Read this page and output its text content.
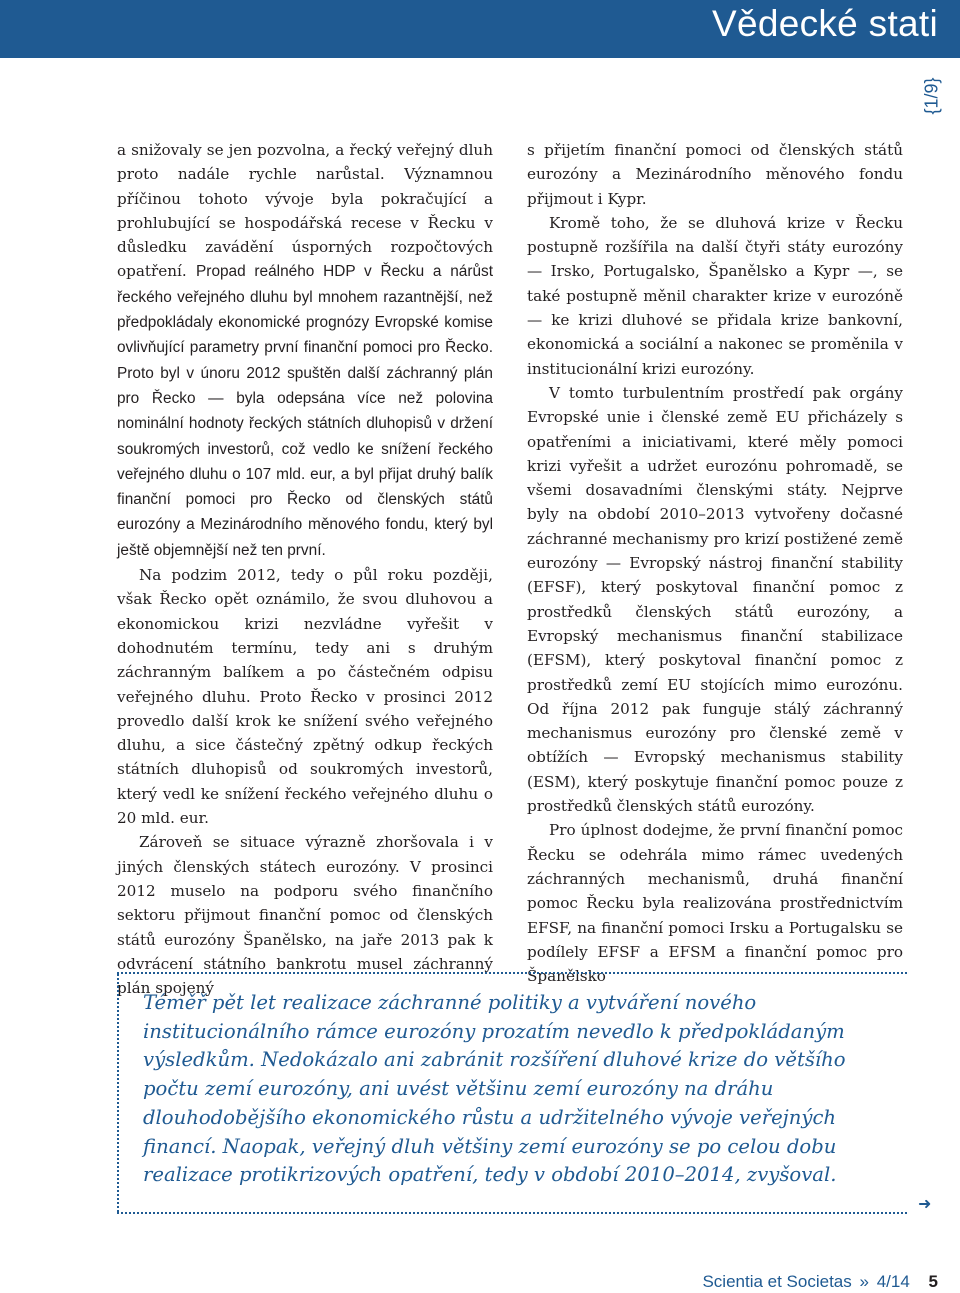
Vědecké stati
{1/9}

a snižovaly se jen pozvolna, a řecký veřejný dluh proto nadále rychle narůstal. Významnou příčinou tohoto vývoje byla pokračující a prohlubující se hospodářská recese v Řecku v důsledku zavádění úsporných rozpočtových opatření. Propad reálného HDP v Řecku a nárůst řeckého veřejného dluhu byl mnohem razantnější, než předpokládaly ekonomické prognózy Evropské komise ovlivňující parametry první finanční pomoci pro Řecko. Proto byl v únoru 2012 spuštěn další záchranný plán pro Řecko — byla odepsána více než polovina nominální hodnoty řeckých státních dluhopisů v držení soukromých investorů, což vedlo ke snížení řeckého veřejného dluhu o 107 mld. eur, a byl přijat druhý balík finanční pomoci pro Řecko od členských států eurozóny a Mezinárodního měnového fondu, který byl ještě objemnější než ten první.

Na podzim 2012, tedy o půl roku později, však Řecko opět oznámilo, že svou dluhovou a ekonomickou krizi nezvládne vyřešit v dohodnutém termínu, tedy ani s druhým záchranným balíkem a po částečném odpisu veřejného dluhu. Proto Řecko v prosinci 2012 provedlo další krok ke snížení svého veřejného dluhu, a sice částečný zpětný odkup řeckých státních dluhopisů od soukromých investorů, který vedl ke snížení řeckého veřejného dluhu o 20 mld. eur.

Zároveň se situace výrazně zhoršovala i v jiných členských státech eurozóny. V prosinci 2012 muselo na podporu svého finančního sektoru přijmout finanční pomoc od členských států eurozóny Španělsko, na jaře 2013 pak k odvrácení státního bankrotu musel záchranný plán spojený

s přijetím finanční pomoci od členských států eurozóny a Mezinárodního měnového fondu přijmout i Kypr.

Kromě toho, že se dluhová krize v Řecku postupně rozšířila na další čtyři státy eurozóny — Irsko, Portugalsko, Španělsko a Kypr —, se také postupně měnil charakter krize v eurozóně — ke krizi dluhové se přidala krize bankovní, ekonomická a sociální a nakonec se proměnila v institucionální krizi eurozóny.

V tomto turbulentním prostředí pak orgány Evropské unie i členské země EU přicházely s opatřeními a iniciativami, které měly pomoci krizi vyřešit a udržet eurozónu pohromadě, se všemi dosavadními členskými státy. Nejprve byly na období 2010–2013 vytvořeny dočasné záchranné mechanismy pro krizí postižené země eurozóny — Evropský nástroj finanční stability (EFSF), který poskytoval finanční pomoc z prostředků členských států eurozóny, a Evropský mechanismus finanční stabilizace (EFSM), který poskytoval finanční pomoc z prostředků zemí EU stojících mimo eurozónu. Od října 2012 pak funguje stálý záchranný mechanismus eurozóny pro členské země v obtížích — Evropský mechanismus stability (ESM), který poskytuje finanční pomoc pouze z prostředků členských států eurozóny.

Pro úplnost dodejme, že první finanční pomoc Řecku se odehrála mimo rámec uvedených záchranných mechanismů, druhá finanční pomoc Řecku byla realizována prostřednictvím EFSF, na finanční pomoci Irsku a Portugalsku se podílely EFSF a EFSM a finanční pomoc pro Španělsko

Téměř pět let realizace záchranné politiky a vytváření nového institucionálního rámce eurozóny prozatím nevedlo k předpokládaným výsledkům. Nedokázalo ani zabránit rozšíření dluhové krize do většího počtu zemí eurozóny, ani uvést většinu zemí eurozóny na dráhu dlouhodobějšího ekonomického růstu a udržitelného vývoje veřejných financí. Naopak, veřejný dluh většiny zemí eurozóny se po celou dobu realizace protikrizových opatření, tedy v období 2010–2014, zvyšoval.

➜
Scientia et Societas » 4/14 5
